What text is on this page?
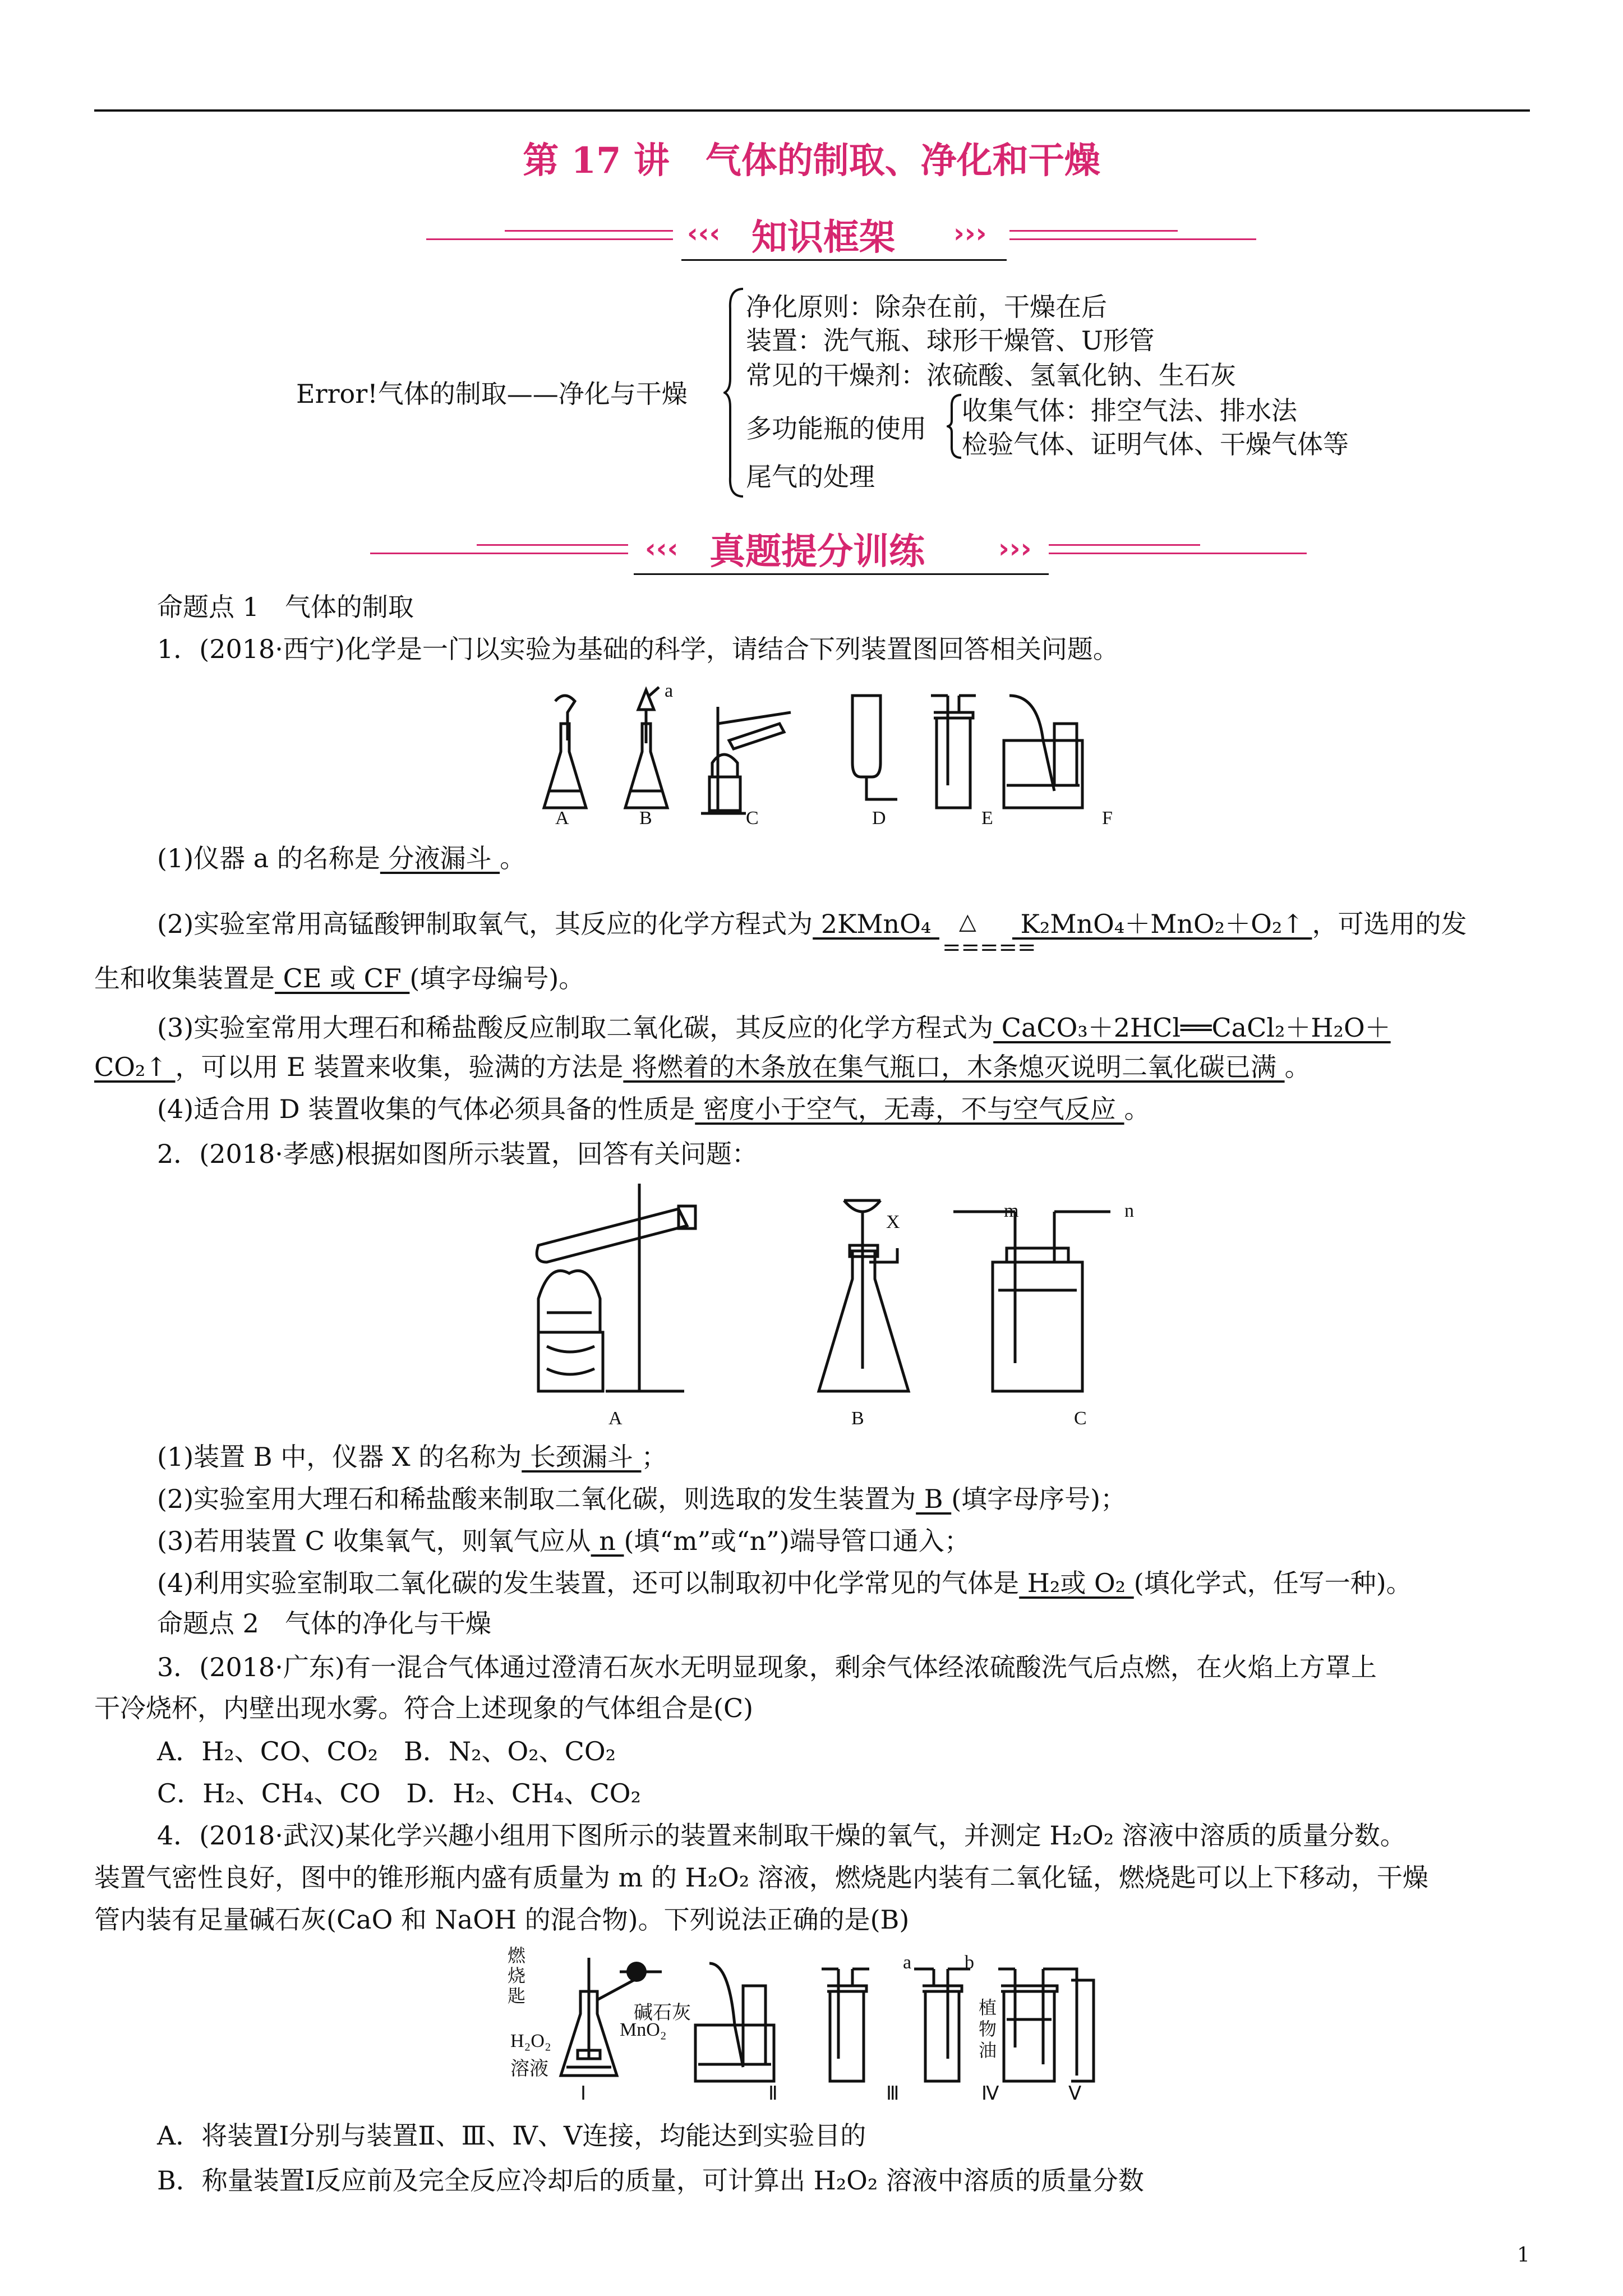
第 17 讲　气体的制取、净化和干燥
‹‹‹	›››
知识框架
Error!气体的制取——净化与干燥
净化原则：除杂在前，干燥在后
装置：洗气瓶、球形干燥管、U形管
常见的干燥剂：浓硫酸、氢氧化钠、生石灰
多功能瓶的使用
尾气的处理
收集气体：排空气法、排水法
检验气体、证明气体、干燥气体等
‹‹‹	›››
真题提分训练
命题点 1　气体的制取
1．(2018·西宁)化学是一门以实验为基础的科学，请结合下列装置图回答相关问题。
a
A	B	C	D	E	F
(1)仪器 a 的名称是 分液漏斗 。
(2)实验室常用高锰酸钾制取氧气，其反应的化学方程式为 2KMnO₄ △
=====
K₂MnO₄＋MnO₂＋O₂↑ ，可选用的发
生和收集装置是 CE 或 CF (填字母编号)。
(3)实验室常用大理石和稀盐酸反应制取二氧化碳，其反应的化学方程式为 CaCO₃＋2HCl══CaCl₂＋H₂O＋
CO₂↑ ，可以用 E 装置来收集，验满的方法是 将燃着的木条放在集气瓶口，木条熄灭说明二氧化碳已满 。
(4)适合用 D 装置收集的气体必须具备的性质是 密度小于空气，无毒，不与空气反应 。
2．(2018·孝感)根据如图所示装置，回答有关问题：
X
m	n
A	B	C
(1)装置 B 中，仪器 X 的名称为 长颈漏斗 ；
(2)实验室用大理石和稀盐酸来制取二氧化碳，则选取的发生装置为 B (填字母序号)；
(3)若用装置 C 收集氧气，则氧气应从 n (填“m”或“n”)端导管口通入；
(4)利用实验室制取二氧化碳的发生装置，还可以制取初中化学常见的气体是 H₂或 O₂ (填化学式，任写一种)。
命题点 2　气体的净化与干燥
3．(2018·广东)有一混合气体通过澄清石灰水无明显现象，剩余气体经浓硫酸洗气后点燃，在火焰上方罩上
干冷烧杯，内壁出现水雾。符合上述现象的气体组合是(C)
A．H₂、CO、CO₂　B．N₂、O₂、CO₂
C．H₂、CH₄、CO　D．H₂、CH₄、CO₂
4．(2018·武汉)某化学兴趣小组用下图所示的装置来制取干燥的氧气，并测定 H₂O₂ 溶液中溶质的质量分数。
装置气密性良好，图中的锥形瓶内盛有质量为 m 的 H₂O₂ 溶液，燃烧匙内装有二氧化锰，燃烧匙可以上下移动，干燥
管内装有足量碱石灰(CaO 和 NaOH 的混合物)。下列说法正确的是(B)
燃
烧
匙
碱石灰
MnO₂
H₂O₂
溶液
a	b
植
物
油
Ⅰ	Ⅱ	Ⅲ	Ⅳ	Ⅴ
A．将装置Ⅰ分别与装置Ⅱ、Ⅲ、Ⅳ、Ⅴ连接，均能达到实验目的
B．称量装置Ⅰ反应前及完全反应冷却后的质量，可计算出 H₂O₂ 溶液中溶质的质量分数
1
